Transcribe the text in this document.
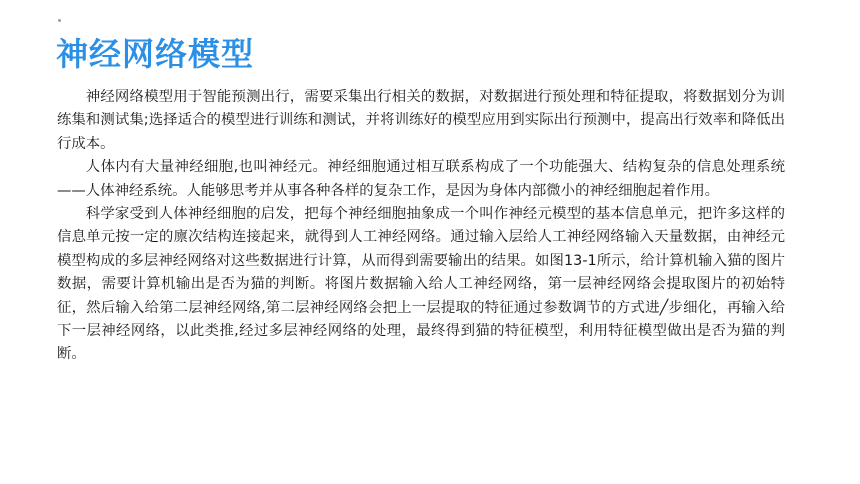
神经网络模型

神经网络模型用于智能预测出行，需要采集出行相关的数据，对数据进行预处理和特征提取，将数据划分为训练集和测试集;选择适合的模型进行训练和测试，并将训练好的模型应用到实际出行预测中，提高出行效率和降低出行成本。

人体内有大量神经细胞,也叫神经元。神经细胞通过相互联系构成了一个功能强大、结构复杂的信息处理系统——人体神经系统。人能够思考并从事各种各样的复杂工作，是因为身体内部微小的神经细胞起着作用。

科学家受到人体神经细胞的启发，把每个神经细胞抽象成一个叫作神经元模型的基本信息单元，把许多这样的信息单元按一定的廪次结构连接起来，就得到人工神经网络。通过输入层给人工神经网络输入天量数据，由神经元模型构成的多层神经网络对这些数据进行计算，从而得到需要输出的结果。如图13-1所示，给计算机输入猫的图片数据，需要计算机输出是否为猫的判断。将图片数据输入给人工神经网络，第一层神经网络会提取图片的初始特征，然后输入给第二层神经网络,第二层神经网络会把上一层提取的特征通过参数调节的方式进╱步细化，再输入给下一层神经网络，以此类推,经过多层神经网络的处理，最终得到猫的特征模型，利用特征模型做出是否为猫的判断。
